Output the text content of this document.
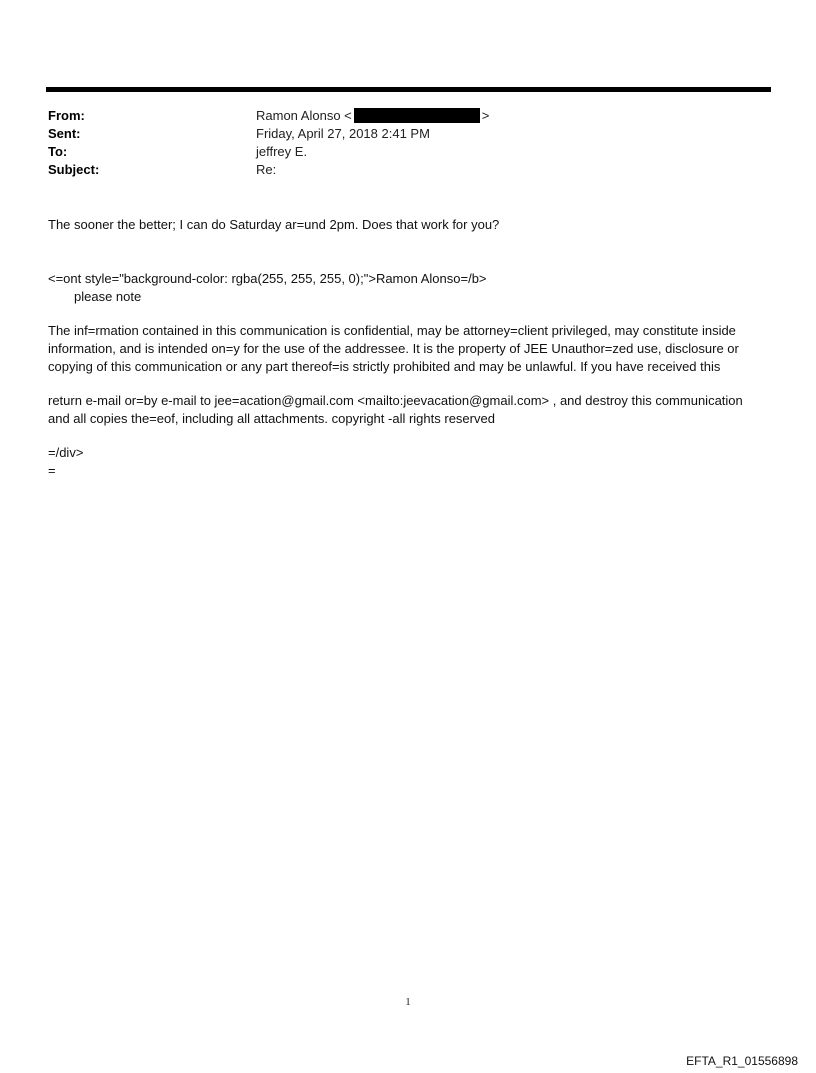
From:	Ramon Alonso <	>
Sent:	Friday, April 27, 2018 2:41 PM
To:	jeffrey E.
Subject:	Re:

The sooner the better; I can do Saturday ar=und 2pm. Does that work for you?

<=ont style="background-color: rgba(255, 255, 255, 0);">Ramon Alonso=/b>

please note

The inf=rmation contained in this communication is confidential, may be attorney=client privileged, may constitute inside information, and is intended on=y for the use of the addressee. It is the property of JEE Unauthor=zed use, disclosure or copying of this communication or any part thereof=is strictly prohibited and may be unlawful. If you have received this

return e-mail or=by e-mail to jee=acation@gmail.com <mailto:jeevacation@gmail.com> , and destroy this communication and all copies the=eof, including all attachments. copyright -all rights reserved

=/div>

=

1
EFTA_R1_01556898
